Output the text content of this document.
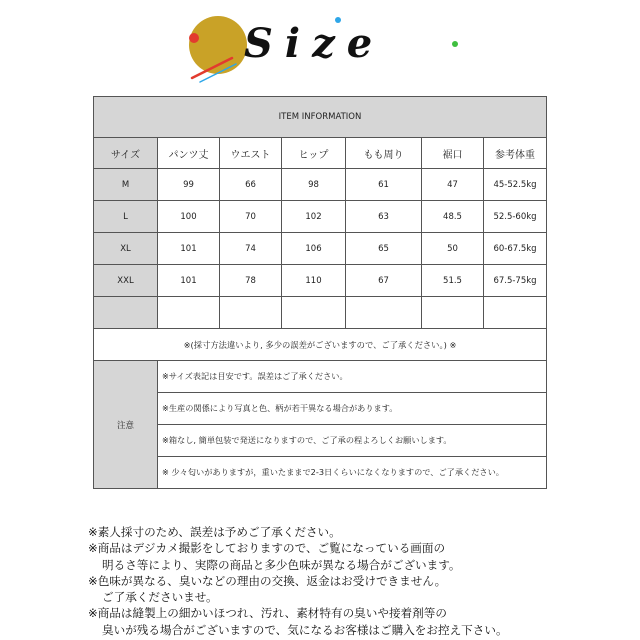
Size
ITEM INFORMATION						
サイズ	パンツ丈	ウエスト	ヒップ	もも周り	裾口	参考体重
M	99	66	98	61	47	45-52.5kg
L	100	70	102	63	48.5	52.5-60kg
XL	101	74	106	65	50	60-67.5kg
XXL	101	78	110	67	51.5	67.5-75kg

※(採寸方法違いより, 多少の誤差がございますので、ご了承ください。) ※						
注意	※サイズ表記は目安です。誤差はご了承ください。					
	※生産の関係により写真と色、柄が若干異なる場合があります。					
	※箱なし, 簡単包装で発送になりますので、ご了承の程よろしくお願いします。					
	※ 少々匂いがありますが，重いたままで2-3日くらいになくなりますので、ご了承ください。					
※素人採寸のため、誤差は予めご了承ください。
※商品はデジカメ撮影をしておりますので、ご覧になっている画面の
明るさ等により、実際の商品と多少色味が異なる場合がございます。
※色味が異なる、臭いなどの理由の交換、返金はお受けできません。
ご了承くださいませ。
※商品は縫製上の細かいほつれ、汚れ、素材特有の臭いや接着剤等の
臭いが残る場合がございますので、気になるお客様はご購入をお控え下さい。
